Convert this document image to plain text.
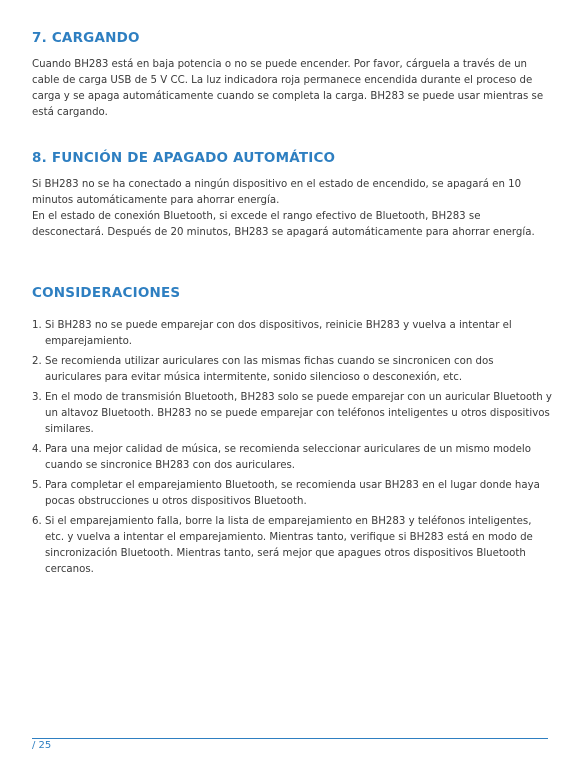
7. CARGANDO

Cuando BH283 está en baja potencia o no se puede encender. Por favor, cárguela a través de un cable de carga USB de 5 V CC. La luz indicadora roja permanece encendida durante el proceso de carga y se apaga automáticamente cuando se completa la carga. BH283 se puede usar mientras se está cargando.

8. FUNCIÓN DE APAGADO AUTOMÁTICO

Si BH283 no se ha conectado a ningún dispositivo en el estado de encendido, se apagará en 10 minutos automáticamente para ahorrar energía.

En el estado de conexión Bluetooth, si excede el rango efectivo de Bluetooth, BH283 se desconectará. Después de 20 minutos, BH283 se apagará automáticamente para ahorrar energía.

CONSIDERACIONES
1. Si BH283 no se puede emparejar con dos dispositivos, reinicie BH283 y vuelva a intentar el emparejamiento.
2. Se recomienda utilizar auriculares con las mismas fichas cuando se sincronicen con dos auriculares para evitar música intermitente, sonido silencioso o desconexión, etc.
3. En el modo de transmisión Bluetooth, BH283 solo se puede emparejar con un auricular Bluetooth y un altavoz Bluetooth. BH283 no se puede emparejar con teléfonos inteligentes u otros dispositivos similares.
4. Para una mejor calidad de música, se recomienda seleccionar auriculares de un mismo modelo cuando se sincronice BH283 con dos auriculares.
5. Para completar el emparejamiento Bluetooth, se recomienda usar BH283 en el lugar donde haya pocas obstrucciones u otros dispositivos Bluetooth.
6. Si el emparejamiento falla, borre la lista de emparejamiento en BH283 y teléfonos inteligentes, etc. y vuelva a intentar el emparejamiento. Mientras tanto, verifique si BH283 está en modo de sincronización Bluetooth. Mientras tanto, será mejor que apagues otros dispositivos Bluetooth cercanos.
/ 25
